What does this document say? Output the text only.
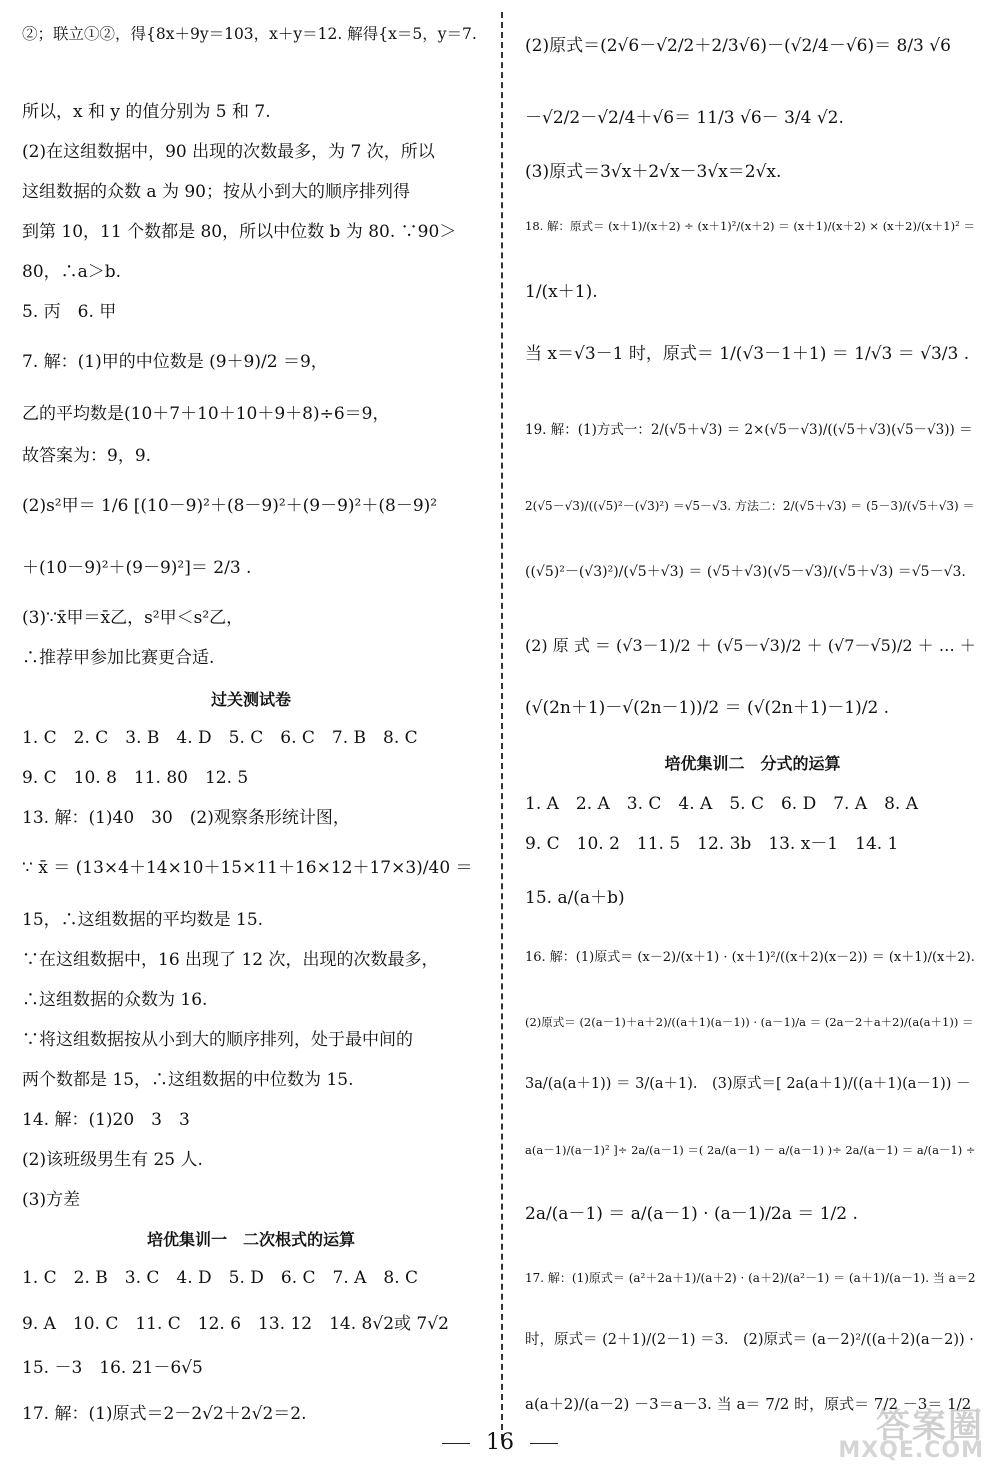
②；联立①②，得{8x＋9y＝103，x＋y＝12. 解得{x＝5，y＝7.
所以，x 和 y 的值分别为 5 和 7.
(2)在这组数据中，90 出现的次数最多，为 7 次，所以
这组数据的众数 a 为 90；按从小到大的顺序排列得
到第 10，11 个数都是 80，所以中位数 b 为 80. ∵90＞
80，∴a＞b.
5. 丙　6. 甲
7. 解：(1)甲的中位数是 (9＋9)/2 ＝9，
乙的平均数是(10＋7＋10＋10＋9＋8)÷6＝9，
故答案为：9，9.
(2)s²甲＝ 1/6 [(10－9)²＋(8－9)²＋(9－9)²＋(8－9)²
＋(10－9)²＋(9－9)²]＝ 2/3 .
(3)∵x̄甲＝x̄乙，s²甲＜s²乙，
∴推荐甲参加比赛更合适.
过关测试卷
1. C　2. C　3. B　4. D　5. C　6. C　7. B　8. C
9. C　10. 8　11. 80　12. 5
13. 解：(1)40　30　(2)观察条形统计图，
∵ x̄ ＝ (13×4＋14×10＋15×11＋16×12＋17×3)/40 ＝
15，∴这组数据的平均数是 15.
∵在这组数据中，16 出现了 12 次，出现的次数最多，
∴这组数据的众数为 16.
∵将这组数据按从小到大的顺序排列，处于最中间的
两个数都是 15，∴这组数据的中位数为 15.
14. 解：(1)20　3　3
(2)该班级男生有 25 人.
(3)方差
培优集训一　二次根式的运算
1. C　2. B　3. C　4. D　5. D　6. C　7. A　8. C
9. A　10. C　11. C　12. 6　13. 12　14. 8√2或 7√2
15. －3　16. 21－6√5
17. 解：(1)原式＝2－2√2＋2√2＝2.
(2)原式＝(2√6－√2/2＋2/3√6)－(√2/4－√6)＝ 8/3 √6
－√2/2－√2/4＋√6＝ 11/3 √6－ 3/4 √2.
(3)原式＝3√x＋2√x－3√x＝2√x.
18. 解：原式＝ (x＋1)/(x＋2) ÷ (x＋1)²/(x＋2) ＝ (x＋1)/(x＋2) × (x＋2)/(x＋1)² ＝
1/(x＋1).
当 x＝√3－1 时，原式＝ 1/(√3－1＋1) ＝ 1/√3 ＝ √3/3 .
19. 解：(1)方式一：2/(√5＋√3) ＝ 2×(√5－√3)/((√5＋√3)(√5－√3)) ＝
2(√5－√3)/((√5)²－(√3)²) ＝√5－√3. 方法二：2/(√5＋√3) ＝ (5－3)/(√5＋√3) ＝
((√5)²－(√3)²)/(√5＋√3) ＝ (√5＋√3)(√5－√3)/(√5＋√3) ＝√5－√3.
(2) 原 式 ＝ (√3－1)/2 ＋ (√5－√3)/2 ＋ (√7－√5)/2 ＋ … ＋
(√(2n＋1)－√(2n－1))/2 ＝ (√(2n＋1)－1)/2 .
培优集训二　分式的运算
1. A　2. A　3. C　4. A　5. C　6. D　7. A　8. A
9. C　10. 2　11. 5　12. 3b　13. x－1　14. 1
15. a/(a＋b)
16. 解：(1)原式＝ (x－2)/(x＋1) · (x＋1)²/((x＋2)(x－2)) ＝ (x＋1)/(x＋2).
(2)原式＝ (2(a－1)＋a＋2)/((a＋1)(a－1)) · (a－1)/a ＝ (2a－2＋a＋2)/(a(a＋1)) ＝
3a/(a(a＋1)) ＝ 3/(a＋1).　(3)原式＝[ 2a(a＋1)/((a＋1)(a－1)) －
a(a－1)/(a－1)² ]÷ 2a/(a－1) ＝( 2a/(a－1) － a/(a－1) )÷ 2a/(a－1) ＝ a/(a－1) ÷
2a/(a－1) ＝ a/(a－1) · (a－1)/2a ＝ 1/2 .
17. 解：(1)原式＝ (a²＋2a＋1)/(a＋2) · (a＋2)/(a²－1) ＝ (a＋1)/(a－1). 当 a＝2
时，原式＝ (2＋1)/(2－1) ＝3.　(2)原式＝ (a－2)²/((a＋2)(a－2)) ·
a(a＋2)/(a－2) －3＝a－3. 当 a＝ 7/2 时，原式＝ 7/2 －3＝ 1/2
16	答案圈
MXQE.COM
